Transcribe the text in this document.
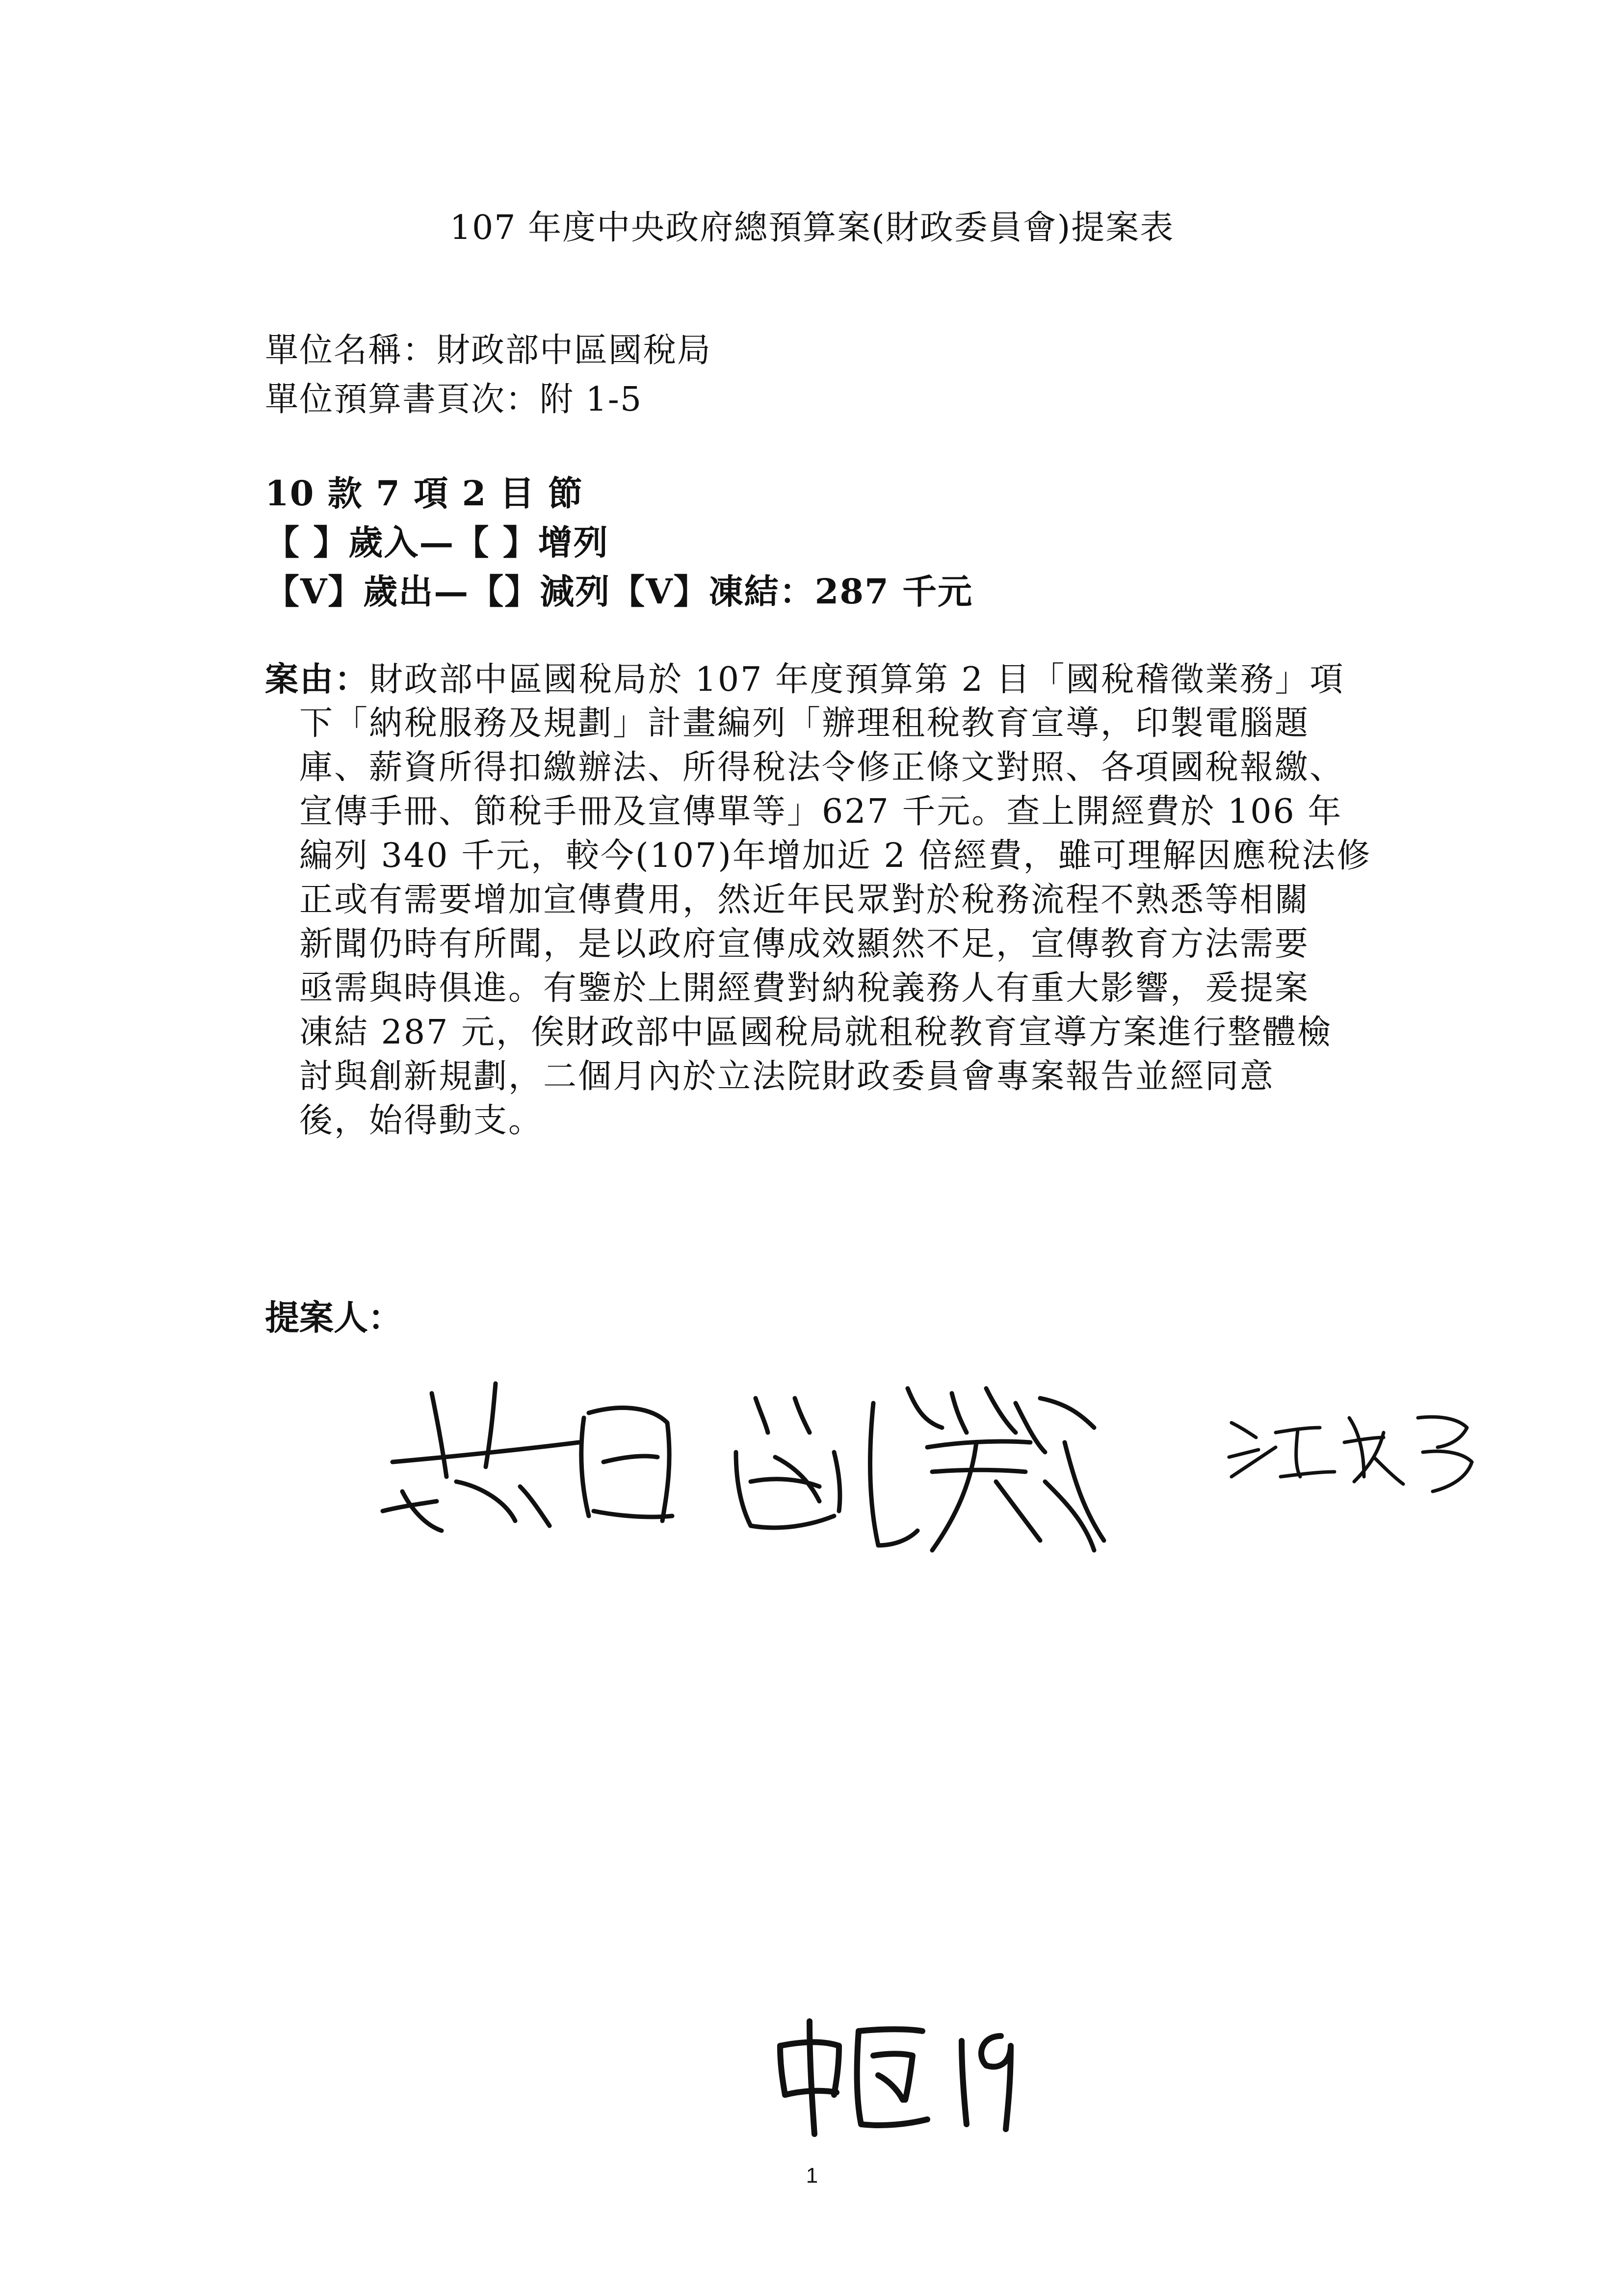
107 年度中央政府總預算案(財政委員會)提案表
單位名稱：財政部中區國稅局
單位預算書頁次：附 1-5
10 款 7 項 2 目 節
【 】歲入—【 】增列
【V】歲出—【】減列【V】凍結：287 千元
案由：財政部中區國稅局於 107 年度預算第 2 目「國稅稽徵業務」項
下「納稅服務及規劃」計畫編列「辦理租稅教育宣導，印製電腦題
庫、薪資所得扣繳辦法、所得稅法令修正條文對照、各項國稅報繳、
宣傳手冊、節稅手冊及宣傳單等」627 千元。查上開經費於 106 年
編列 340 千元，較今(107)年增加近 2 倍經費，雖可理解因應稅法修
正或有需要增加宣傳費用，然近年民眾對於稅務流程不熟悉等相關
新聞仍時有所聞，是以政府宣傳成效顯然不足，宣傳教育方法需要
亟需與時俱進。有鑒於上開經費對納稅義務人有重大影響，爰提案
凍結 287 元，俟財政部中區國稅局就租稅教育宣導方案進行整體檢
討與創新規劃，二個月內於立法院財政委員會專案報告並經同意
後，始得動支。
提案人：
1
